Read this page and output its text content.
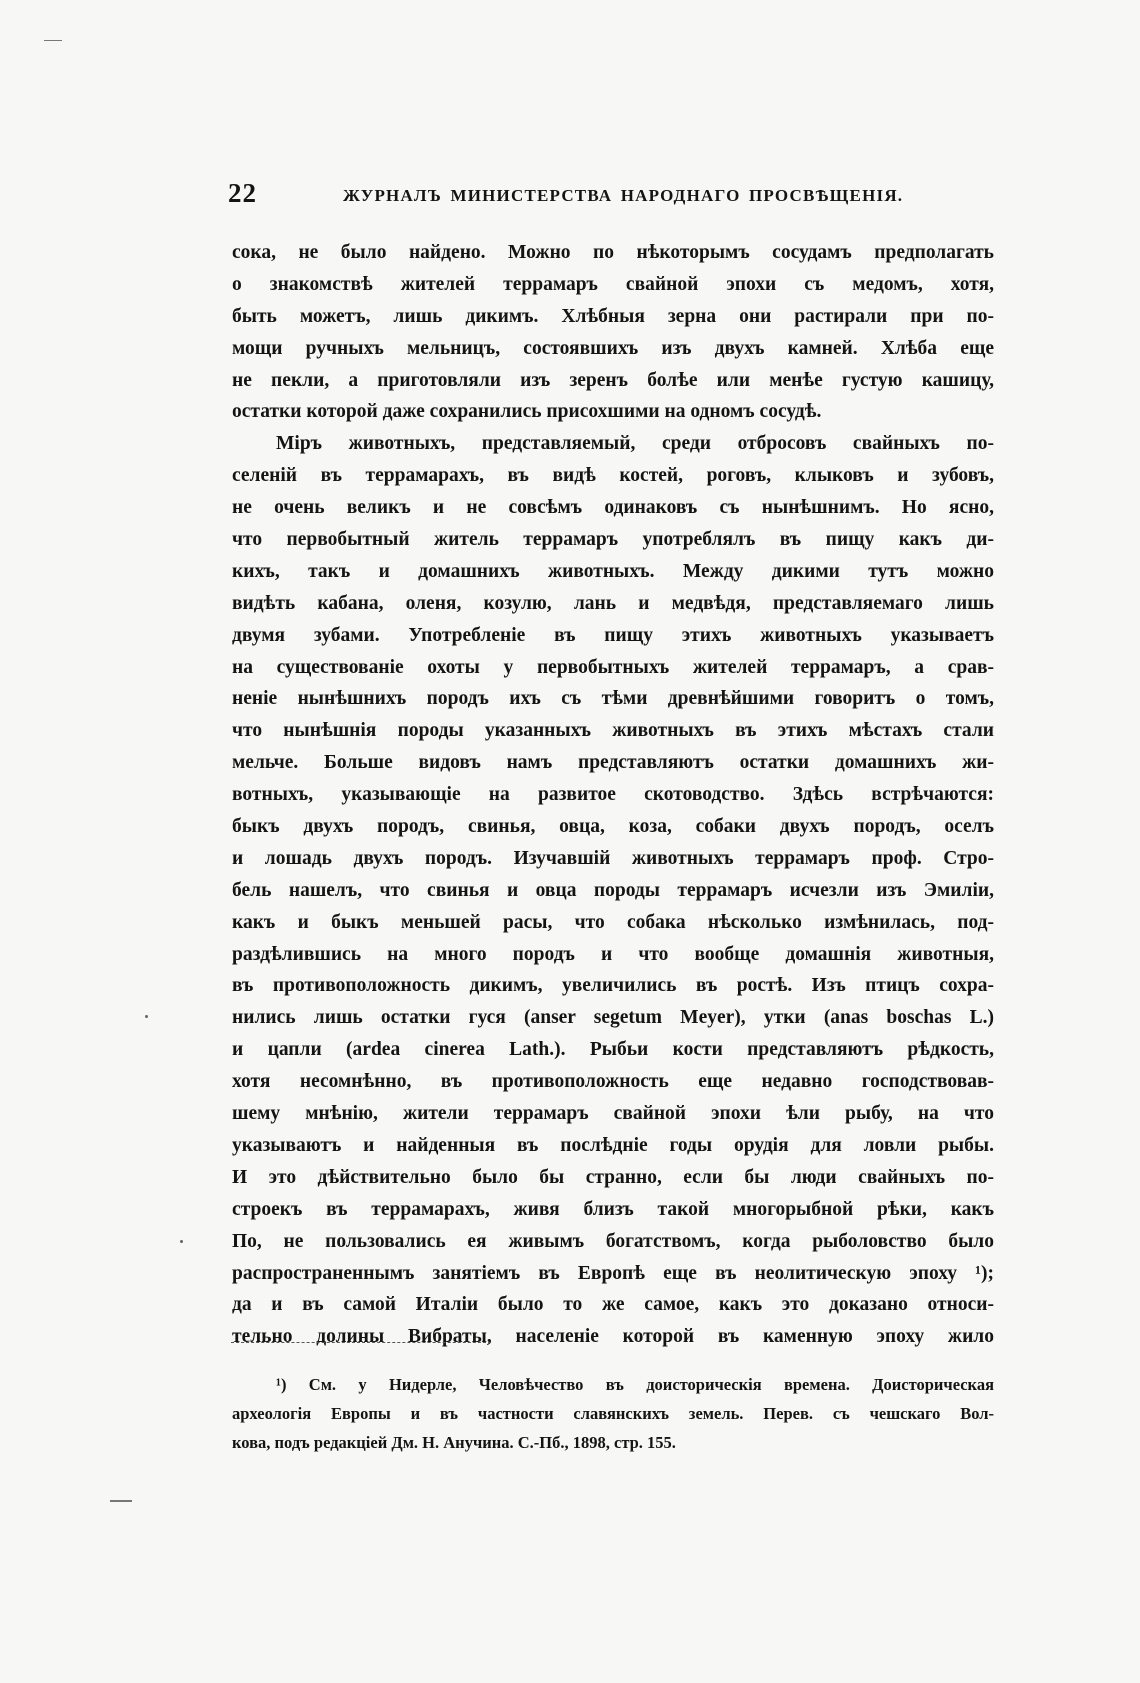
22	ЖУРНАЛЪ МИНИСТЕРСТВА НАРОДНАГО ПРОСВѢЩЕНІЯ.
сока, не было найдено. Можно по нѣкоторымъ сосудамъ предполагать
о знакомствѣ жителей террамаръ свайной эпохи съ медомъ, хотя,
быть можетъ, лишь дикимъ. Хлѣбныя зерна они растирали при по-
мощи ручныхъ мельницъ, состоявшихъ изъ двухъ камней. Хлѣба еще
не пекли, а приготовляли изъ зеренъ болѣе или менѣе густую кашицу,
остатки которой даже сохранились присохшими на одномъ сосудѣ.
Міръ животныхъ, представляемый, среди отбросовъ свайныхъ по-
селеній въ террамарахъ, въ видѣ костей, роговъ, клыковъ и зубовъ,
не очень великъ и не совсѣмъ одинаковъ съ нынѣшнимъ. Но ясно,
что первобытный житель террамаръ употреблялъ въ пищу какъ ди-
кихъ, такъ и домашнихъ животныхъ. Между дикими тутъ можно
видѣть кабана, оленя, козулю, лань и медвѣдя, представляемаго лишь
двумя зубами. Употребленіе въ пищу этихъ животныхъ указываетъ
на существованіе охоты у первобытныхъ жителей террамаръ, а срав-
неніе нынѣшнихъ породъ ихъ съ тѣми древнѣйшими говоритъ о томъ,
что нынѣшнія породы указанныхъ животныхъ въ этихъ мѣстахъ стали
мельче. Больше видовъ намъ представляютъ остатки домашнихъ жи-
вотныхъ, указывающіе на развитое скотоводство. Здѣсь встрѣчаются:
быкъ двухъ породъ, свинья, овца, коза, собаки двухъ породъ, оселъ
и лошадь двухъ породъ. Изучавшій животныхъ террамаръ проф. Стро-
бель нашелъ, что свинья и овца породы террамаръ исчезли изъ Эмиліи,
какъ и быкъ меньшей расы, что собака нѣсколько измѣнилась, под-
раздѣлившись на много породъ и что вообще домашнія животныя,
въ противоположность дикимъ, увеличились въ ростѣ. Изъ птицъ сохра-
нились лишь остатки гуся (anser segetum Meyer), утки (anas boschas L.)
и цапли (ardea cinerea Lath.). Рыбьи кости представляютъ рѣдкость,
хотя несомнѣнно, въ противоположность еще недавно господствовав-
шему мнѣнію, жители террамаръ свайной эпохи ѣли рыбу, на что
указываютъ и найденныя въ послѣдніе годы орудія для ловли рыбы.
И это дѣйствительно было бы странно, если бы люди свайныхъ по-
строекъ въ террамарахъ, живя близъ такой многорыбной рѣки, какъ
По, не пользовались ея живымъ богатствомъ, когда рыболовство было
распространеннымъ занятіемъ въ Европѣ еще въ неолитическую эпоху ¹);
да и въ самой Италіи было то же самое, какъ это доказано относи-
тельно долины Вибраты, населеніе которой въ каменную эпоху жило
¹) См. у Нидерле, Человѣчество въ доисторическія времена. Доисторическая
археологія Европы и въ частности славянскихъ земель. Перев. съ чешскаго Вол-
кова, подъ редакціей Дм. Н. Анучина. С.-Пб., 1898, стр. 155.
